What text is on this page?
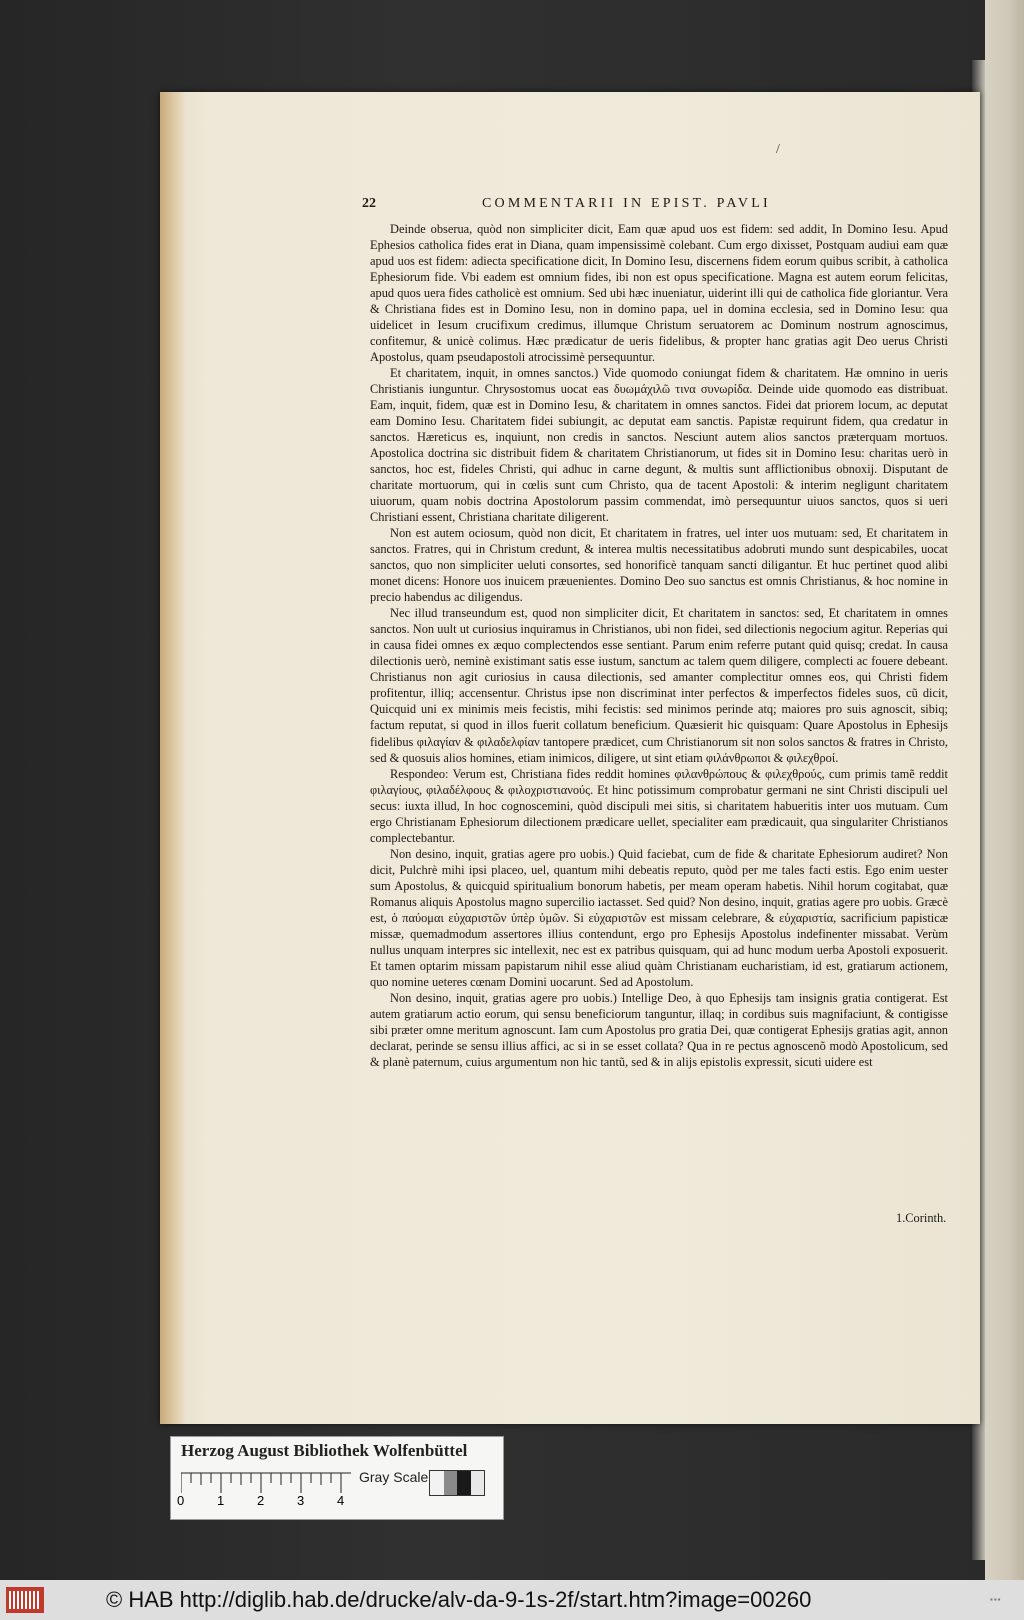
/
22	COMMENTARII IN EPIST. PAVLI

Deinde obserua, quòd non simpliciter dicit, Eam quæ apud uos est fidem: sed addit, In Domino Iesu. Apud Ephesios catholica fides erat in Diana, quam impensissimè colebant. Cum ergo dixisset, Postquam audiui eam quæ apud uos est fidem: adiecta specificatione dicit, In Domino Iesu, discernens fidem eorum quibus scribit, à catholica Ephesiorum fide. Vbi eadem est omnium fides, ibi non est opus specificatione. Magna est autem eorum felicitas, apud quos uera fides catholicè est omnium. Sed ubi hæc inueniatur, uiderint illi qui de catholica fide gloriantur. Vera & Christiana fides est in Domino Iesu, non in domino papa, uel in domina ecclesia, sed in Domino Iesu: qua uidelicet in Iesum crucifixum credimus, illumque Christum seruatorem ac Dominum nostrum agnoscimus, confitemur, & unicè colimus. Hæc prædicatur de ueris fidelibus, & propter hanc gratias agit Deo uerus Christi Apostolus, quam pseudapostoli atrocissimè persequuntur.

Et charitatem, inquit, in omnes sanctos.) Vide quomodo coniungat fidem & charitatem. Hæ omnino in ueris Christianis iunguntur. Chrysostomus uocat eas δυωμάχιλῶ τινα συνωρίδα. Deinde uide quomodo eas distribuat. Eam, inquit, fidem, quæ est in Domino Iesu, & charitatem in omnes sanctos. Fidei dat priorem locum, ac deputat eam Domino Iesu. Charitatem fidei subiungit, ac deputat eam sanctis. Papistæ requirunt fidem, qua credatur in sanctos. Hæreticus es, inquiunt, non credis in sanctos. Nesciunt autem alios sanctos præterquam mortuos. Apostolica doctrina sic distribuit fidem & charitatem Christianorum, ut fides sit in Domino Iesu: charitas uerò in sanctos, hoc est, fideles Christi, qui adhuc in carne degunt, & multis sunt afflictionibus obnoxij. Disputant de charitate mortuorum, qui in cœlis sunt cum Christo, qua de tacent Apostoli: & interim negligunt charitatem uiuorum, quam nobis doctrina Apostolorum passim commendat, imò persequuntur uiuos sanctos, quos si ueri Christiani essent, Christiana charitate diligerent.

Non est autem ociosum, quòd non dicit, Et charitatem in fratres, uel inter uos mutuam: sed, Et charitatem in sanctos. Fratres, qui in Christum credunt, & interea multis necessitatibus adobruti mundo sunt despicabiles, uocat sanctos, quo non simpliciter ueluti consortes, sed honorificè tanquam sancti diligantur. Et huc pertinet quod alibi monet dicens: Honore uos inuicem præuenientes. Domino Deo suo sanctus est omnis Christianus, & hoc nomine in precio habendus ac diligendus.

Nec illud transeundum est, quod non simpliciter dicit, Et charitatem in sanctos: sed, Et charitatem in omnes sanctos. Non uult ut curiosius inquiramus in Christianos, ubi non fidei, sed dilectionis negocium agitur. Reperias qui in causa fidei omnes ex æquo complectendos esse sentiant. Parum enim referre putant quid quisq; credat. In causa dilectionis uerò, neminè existimant satis esse iustum, sanctum ac talem quem diligere, complecti ac fouere debeant. Christianus non agit curiosius in causa dilectionis, sed amanter complectitur omnes eos, qui Christi fidem profitentur, illiq; accensentur. Christus ipse non discriminat inter perfectos & imperfectos fideles suos, cũ dicit, Quicquid uni ex minimis meis fecistis, mihi fecistis: sed minimos perinde atq; maiores pro suis agnoscit, sibiq; factum reputat, si quod in illos fuerit collatum beneficium. Quæsierit hic quisquam: Quare Apostolus in Ephesijs fidelibus φιλαγίαν & φιλαδελφίαν tantopere prædicet, cum Christianorum sit non solos sanctos & fratres in Christo, sed & quosuis alios homines, etiam inimicos, diligere, ut sint etiam φιλάνθρωποι & φιλεχθροί.

Respondeo: Verum est, Christiana fides reddit homines φιλανθρώπους & φιλεχθρούς, cum primis tamẽ reddit φιλαγίους, φιλαδέλφους & φιλοχριστιανούς. Et hinc potissimum comprobatur germani ne sint Christi discipuli uel secus: iuxta illud, In hoc cognoscemini, quòd discipuli mei sitis, si charitatem habueritis inter uos mutuam. Cum ergo Christianam Ephesiorum dilectionem prædicare uellet, specialiter eam prædicauit, qua singulariter Christianos complectebantur.

Non desino, inquit, gratias agere pro uobis.) Quid faciebat, cum de fide & charitate Ephesiorum audiret? Non dicit, Pulchrè mihi ipsi placeo, uel, quantum mihi debeatis reputo, quòd per me tales facti estis. Ego enim uester sum Apostolus, & quicquid spiritualium bonorum habetis, per meam operam habetis. Nihil horum cogitabat, quæ Romanus aliquis Apostolus magno supercilio iactasset. Sed quid? Non desino, inquit, gratias agere pro uobis. Græcè est, ὁ παύομαι εὐχαριστῶν ὑπὲρ ὑμῶν. Si εὐχαριστῶν est missam celebrare, & εὐχαριστία, sacrificium papisticæ missæ, quemadmodum assertores illius contendunt, ergo pro Ephesijs Apostolus indefinenter missabat. Verùm nullus unquam interpres sic intellexit, nec est ex patribus quisquam, qui ad hunc modum uerba Apostoli exposuerit. Et tamen optarim missam papistarum nihil esse aliud quàm Christianam eucharistiam, id est, gratiarum actionem, quo nomine ueteres cœnam Domini uocarunt. Sed ad Apostolum.

Non desino, inquit, gratias agere pro uobis.) Intellige Deo, à quo Ephesijs tam insignis gratia contigerat. Est autem gratiarum actio eorum, qui sensu beneficiorum tanguntur, illaq; in cordibus suis magnifaciunt, & contigisse sibi præter omne meritum agnoscunt. Iam cum Apostolus pro gratia Dei, quæ contigerat Ephesijs gratias agit, annon declarat, perinde se sensu illius affici, ac si in se esset collata? Qua in re pectus agnoscenõ modò Apostolicum, sed & planè paternum, cuius argumentum non hic tantũ, sed & in alijs epistolis expressit, sicuti uidere est

1.Corinth.
Herzog August Bibliothek Wolfenbüttel
0	1	2	3	4
Gray Scale
© HAB http://diglib.hab.de/drucke/alv-da-9-1s-2f/start.htm?image=00260	▪▪▪
